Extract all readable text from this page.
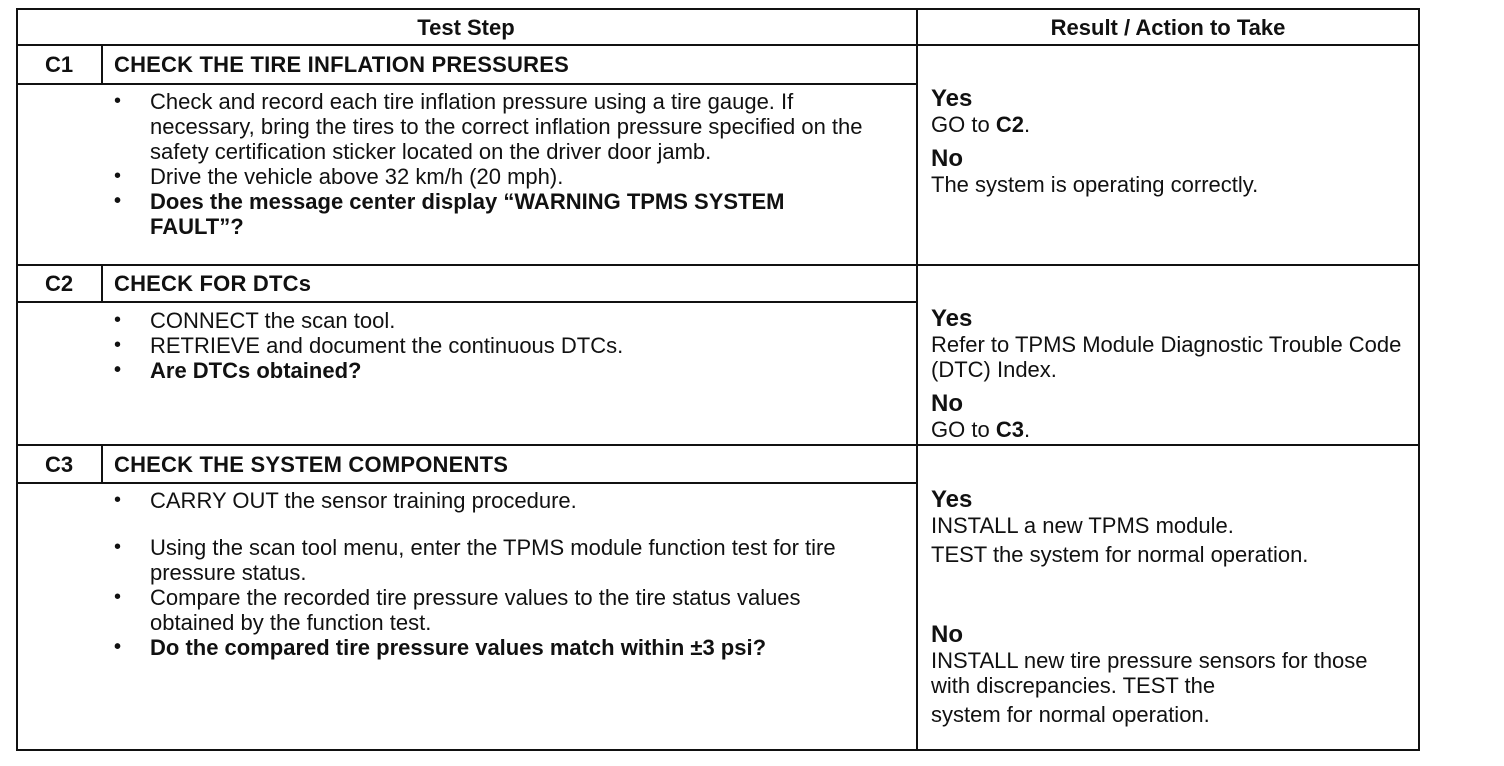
Test Step	Result / Action to Take
C1	CHECK THE TIRE INFLATION PRESSURES
• Check and record each tire inflation pressure using a tire gauge. If necessary, bring the tires to the correct inflation pressure specified on the safety certification sticker located on the driver door jamb.
• Drive the vehicle above 32 km/h (20 mph).
• Does the message center display “WARNING TPMS SYSTEM FAULT”?
Yes
GO to C2.
No
The system is operating correctly.
C2	CHECK FOR DTCs
• CONNECT the scan tool.
• RETRIEVE and document the continuous DTCs.
• Are DTCs obtained?
Yes
Refer to TPMS Module Diagnostic Trouble Code (DTC) Index.
No
GO to C3.
C3	CHECK THE SYSTEM COMPONENTS
• CARRY OUT the sensor training procedure.
• Using the scan tool menu, enter the TPMS module function test for tire pressure status.
• Compare the recorded tire pressure values to the tire status values obtained by the function test.
• Do the compared tire pressure values match within ±3 psi?
Yes
INSTALL a new TPMS module.
TEST the system for normal operation.
No
INSTALL new tire pressure sensors for those with discrepancies. TEST the
system for normal operation.
